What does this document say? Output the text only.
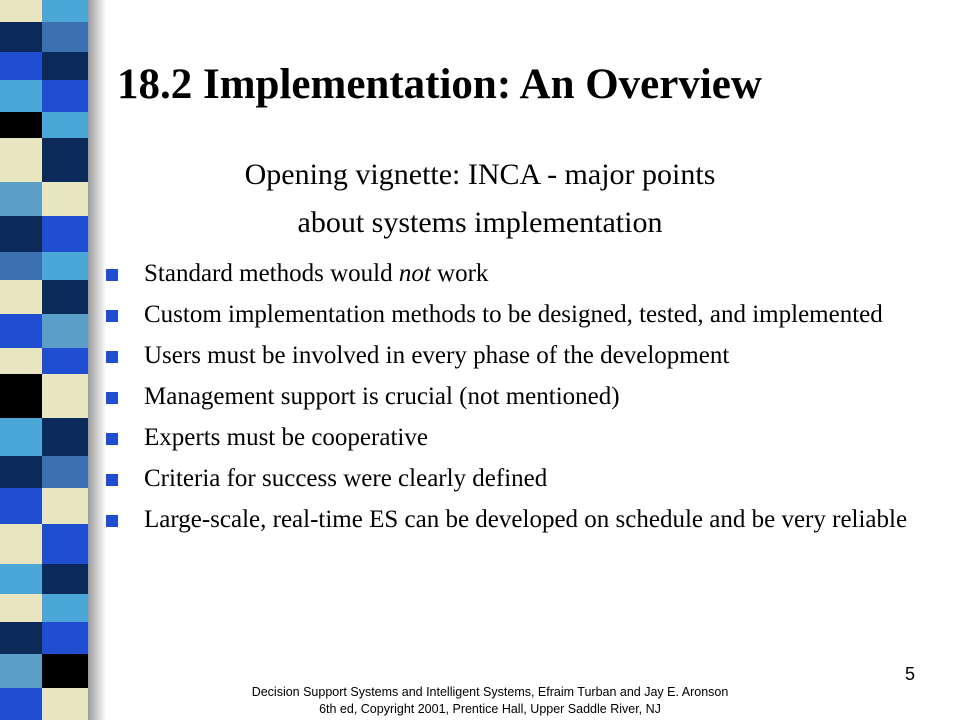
18.2 Implementation: An Overview
Opening vignette: INCA - major points
about systems implementation
Standard methods would not work
Custom implementation methods to be designed, tested, and implemented
Users must be involved in every phase of the development
Management support is crucial (not mentioned)
Experts must be cooperative
Criteria for success were clearly defined
Large-scale, real-time ES can be developed on schedule and be very reliable
Decision Support Systems and Intelligent Systems, Efraim Turban and Jay E. Aronson
6th ed, Copyright 2001, Prentice Hall, Upper Saddle River, NJ
5
